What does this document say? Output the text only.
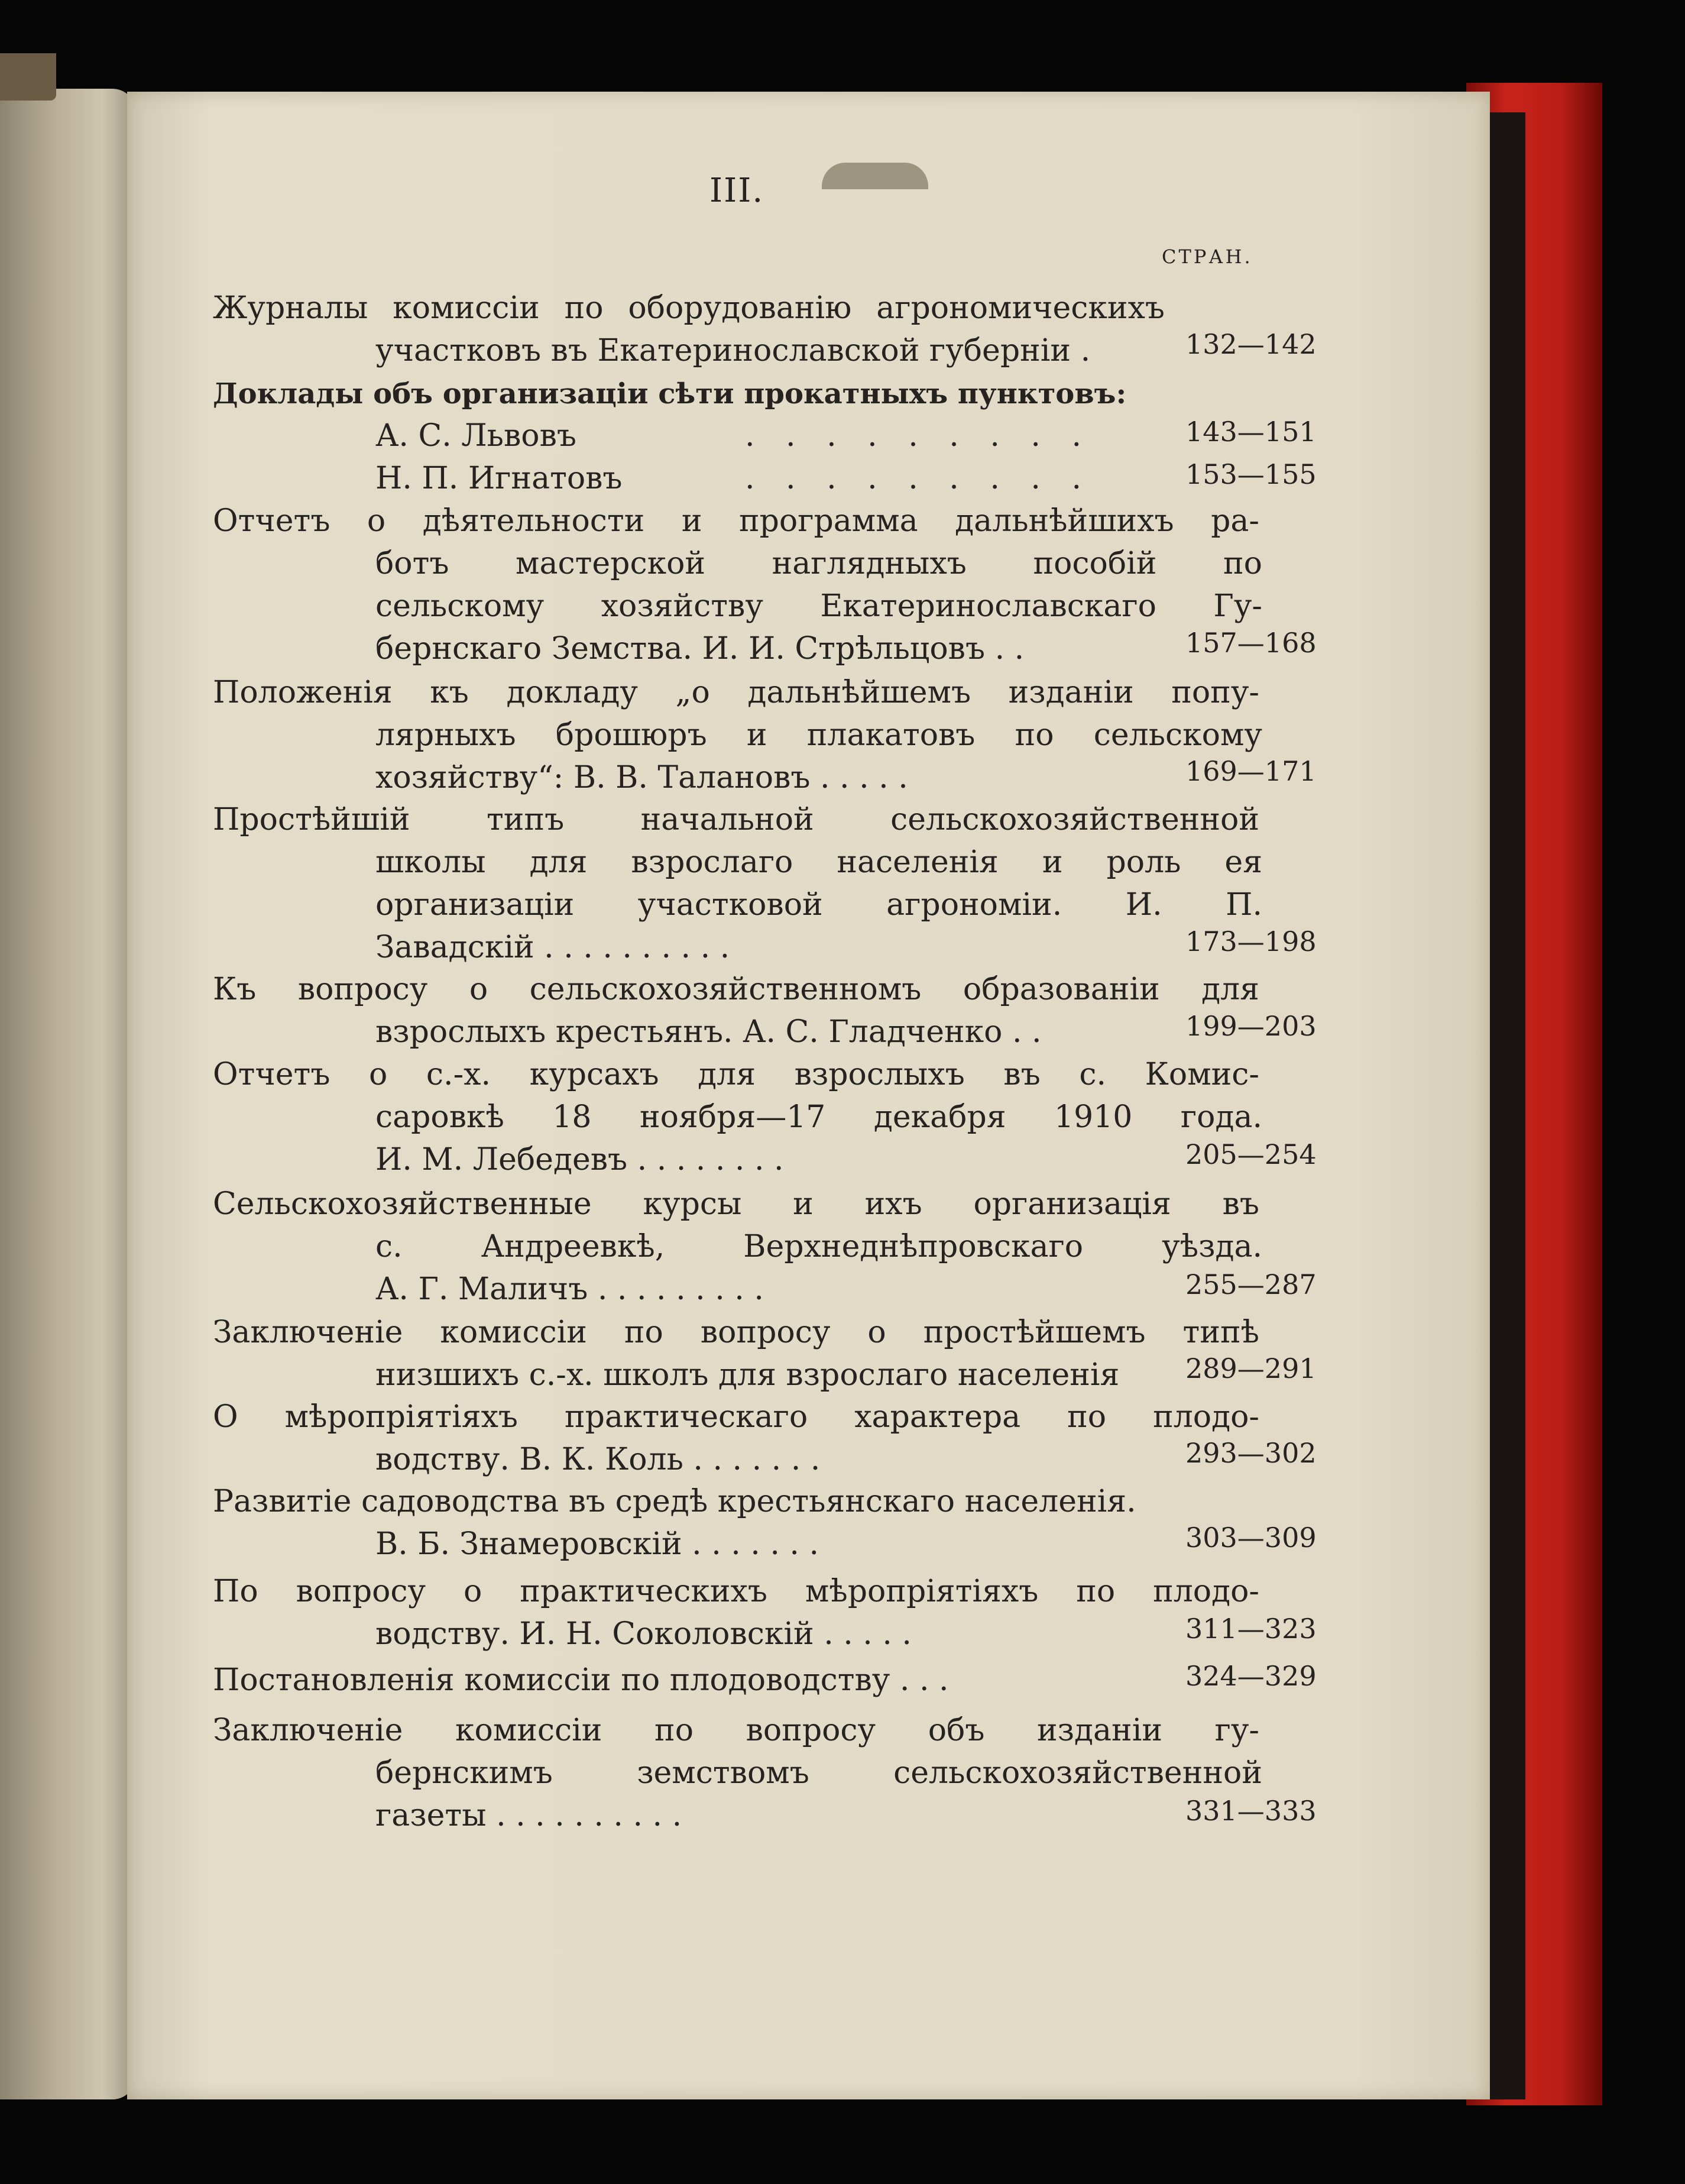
III.
СТРАН.
Журналы комиссіи по оборудованію агрономическихъ
участковъ въ Екатеринославской губерніи .	132—142
Доклады объ организаціи сѣти прокатныхъ пунктовъ:
А. С. Львовъ	. . . . . . . . .	143—151
Н. П. Игнатовъ	. . . . . . . . .	153—155
Отчетъ о дѣятельности и программа дальнѣйшихъ ра-
ботъ мастерской наглядныхъ пособій по
сельскому хозяйству Екатеринославскаго Гу-
бернскаго Земства. И. И. Стрѣльцовъ . .	157—168
Положенія къ докладу „о дальнѣйшемъ изданіи попу-
лярныхъ брошюръ и плакатовъ по сельскому
хозяйству“: В. В. Талановъ . . . . .	169—171
Простѣйшій типъ начальной сельскохозяйственной
школы для взрослаго населенія и роль ея
организаціи участковой агрономіи. И. П.
Завадскій . . . . . . . . . .	173—198
Къ вопросу о сельскохозяйственномъ образованіи для
взрослыхъ крестьянъ. А. С. Гладченко . .	199—203
Отчетъ о с.-х. курсахъ для взрослыхъ въ с. Комис-
саровкѣ 18 ноября—17 декабря 1910 года.
И. М. Лебедевъ . . . . . . . .	205—254
Сельскохозяйственные курсы и ихъ организація въ
с. Андреевкѣ, Верхнеднѣпровскаго уѣзда.
А. Г. Маличъ . . . . . . . . .	255—287
Заключеніе комиссіи по вопросу о простѣйшемъ типѣ
низшихъ с.-х. школъ для взрослаго населенія	289—291
О мѣропріятіяхъ практическаго характера по плодо-
водству. В. К. Коль . . . . . . .	293—302
Развитіе садоводства въ средѣ крестьянскаго населенія.
В. Б. Знамеровскій . . . . . . .	303—309
По вопросу о практическихъ мѣропріятіяхъ по плодо-
водству. И. Н. Соколовскій . . . . .	311—323
Постановленія комиссіи по плодоводству . . .	324—329
Заключеніе комиссіи по вопросу объ изданіи гу-
бернскимъ земствомъ сельскохозяйственной
газеты . . . . . . . . . .	331—333
